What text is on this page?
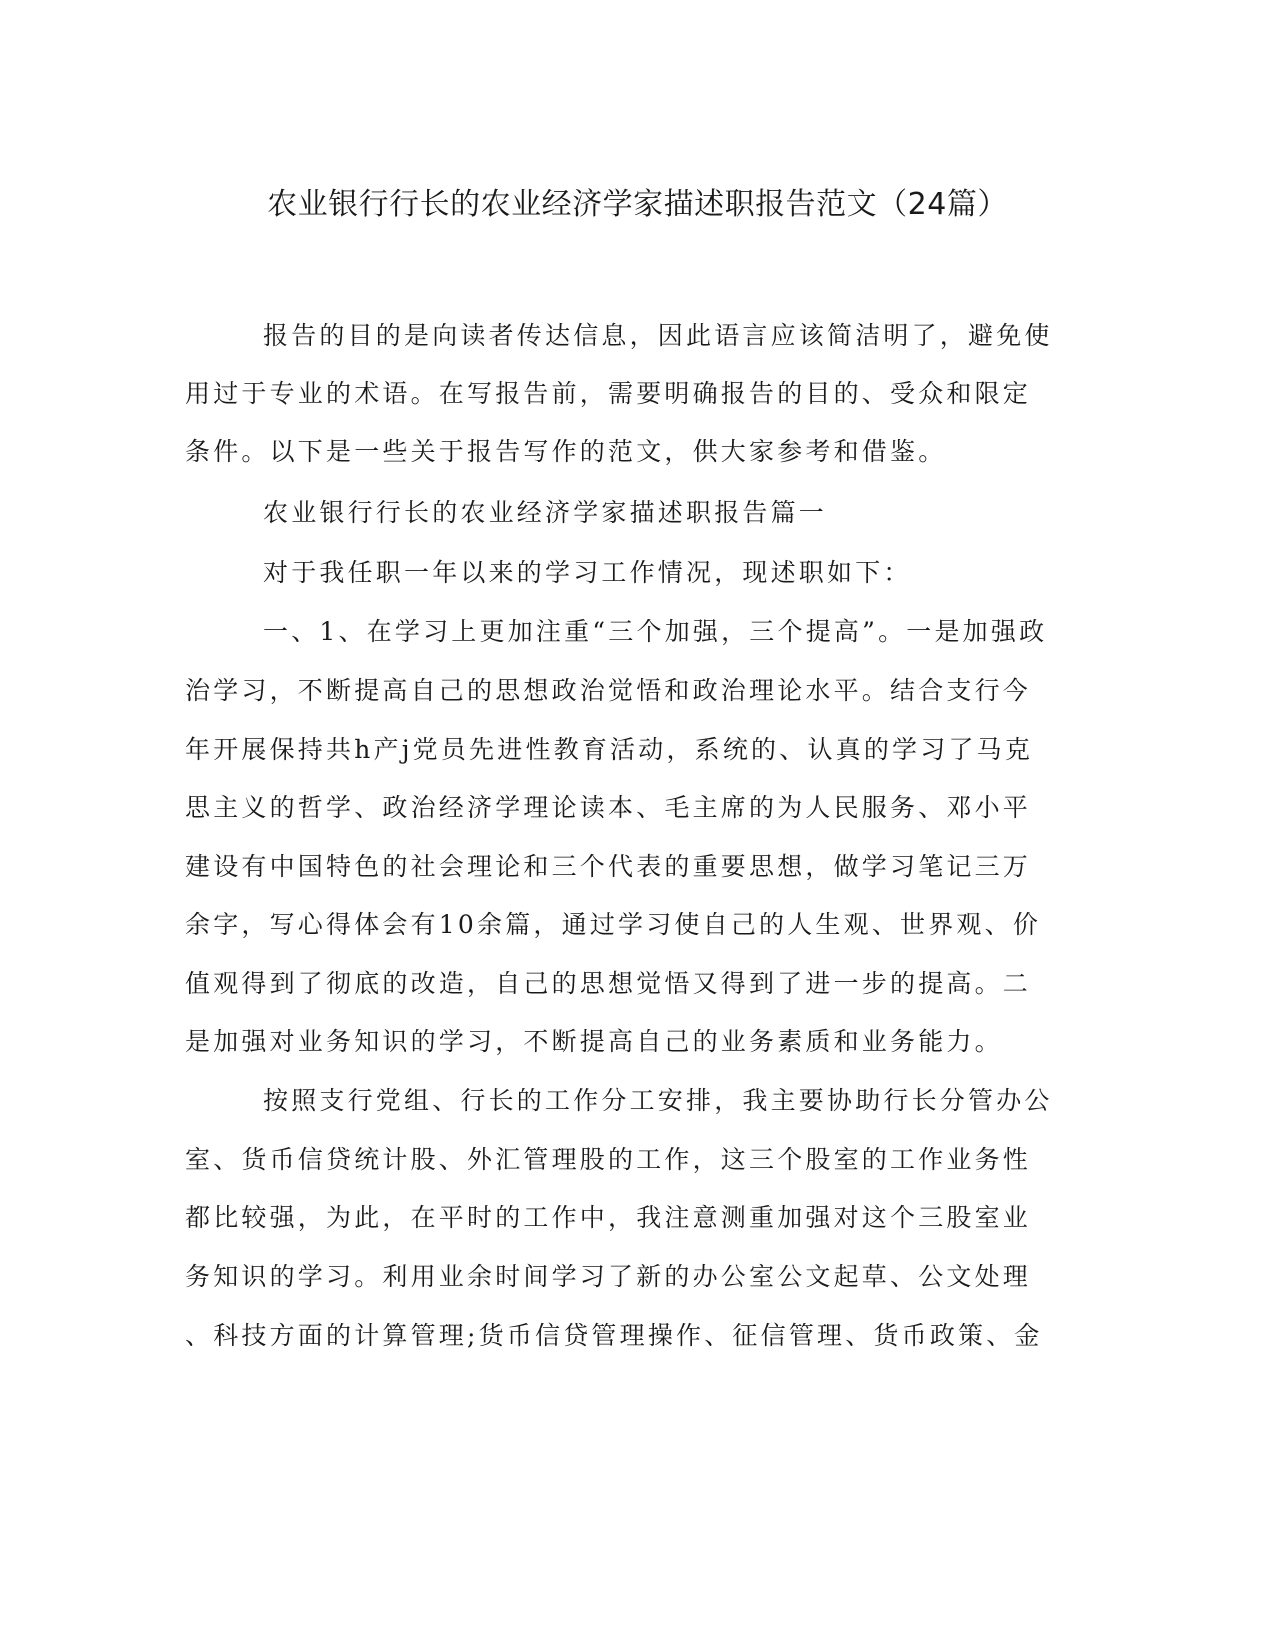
农业银行行长的农业经济学家描述职报告范文（24篇）

报告的目的是向读者传达信息，因此语言应该简洁明了，避免使

用过于专业的术语。在写报告前，需要明确报告的目的、受众和限定

条件。以下是一些关于报告写作的范文，供大家参考和借鉴。

农业银行行长的农业经济学家描述职报告篇一

对于我任职一年以来的学习工作情况，现述职如下：

一、1、在学习上更加注重“三个加强，三个提高”。一是加强政

治学习，不断提高自己的思想政治觉悟和政治理论水平。结合支行今

年开展保持共h产j党员先进性教育活动，系统的、认真的学习了马克

思主义的哲学、政治经济学理论读本、毛主席的为人民服务、邓小平

建设有中国特色的社会理论和三个代表的重要思想，做学习笔记三万

余字，写心得体会有10余篇，通过学习使自己的人生观、世界观、价

值观得到了彻底的改造，自己的思想觉悟又得到了进一步的提高。二

是加强对业务知识的学习，不断提高自己的业务素质和业务能力。

按照支行党组、行长的工作分工安排，我主要协助行长分管办公

室、货币信贷统计股、外汇管理股的工作，这三个股室的工作业务性

都比较强，为此，在平时的工作中，我注意测重加强对这个三股室业

务知识的学习。利用业余时间学习了新的办公室公文起草、公文处理

、科技方面的计算管理;货币信贷管理操作、征信管理、货币政策、金
